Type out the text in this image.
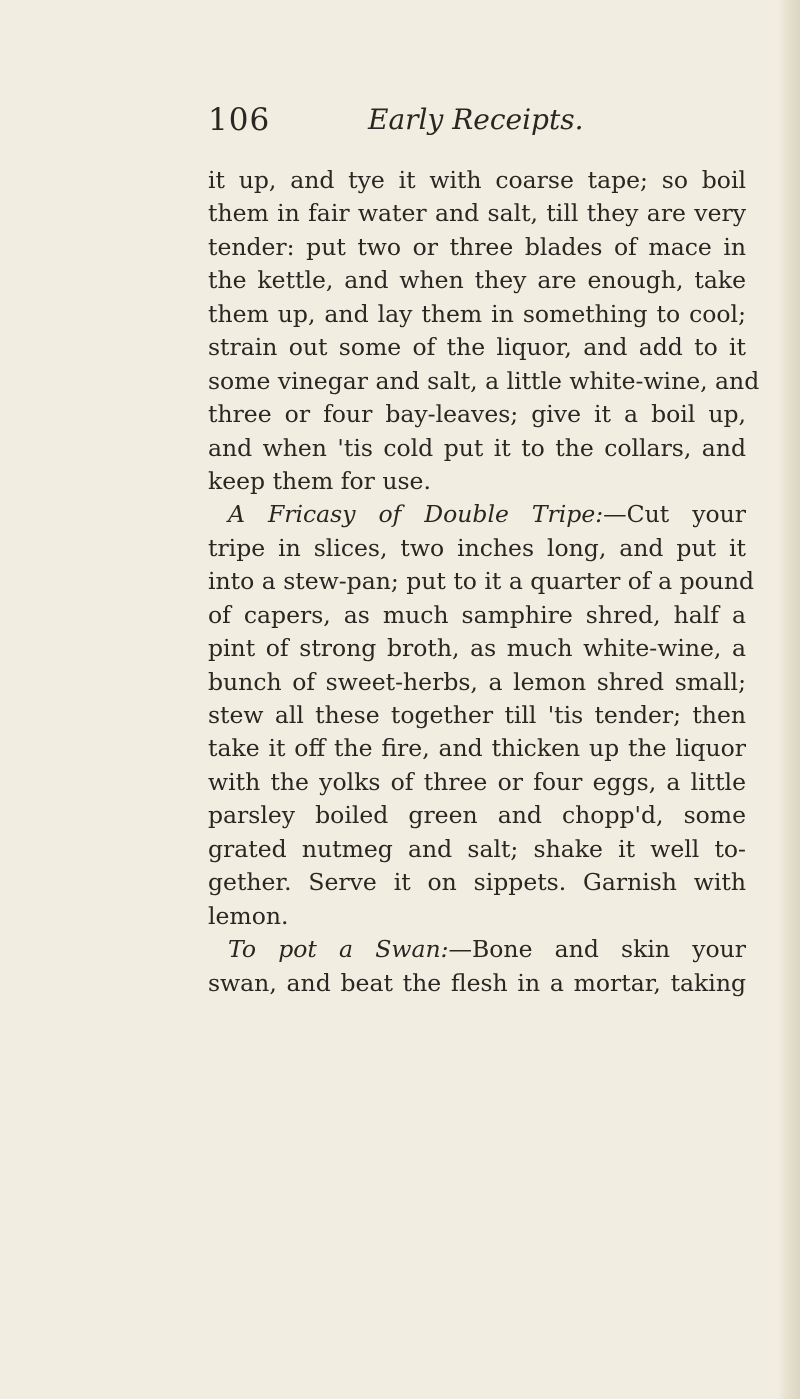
106	Early Receipts.
it up, and tye it with coarse tape; so boil
them in fair water and salt, till they are very
tender: put two or three blades of mace in
the kettle, and when they are enough, take
them up, and lay them in something to cool;
strain out some of the liquor, and add to it
some vinegar and salt, a little white-wine, and
three or four bay-leaves; give it a boil up,
and when 'tis cold put it to the collars, and
keep them for use.
A Fricasy of Double Tripe:—Cut your
tripe in slices, two inches long, and put it
into a stew-pan; put to it a quarter of a pound
of capers, as much samphire shred, half a
pint of strong broth, as much white-wine, a
bunch of sweet-herbs, a lemon shred small;
stew all these together till 'tis tender; then
take it off the fire, and thicken up the liquor
with the yolks of three or four eggs, a little
parsley boiled green and chopp'd, some
grated nutmeg and salt; shake it well to-
gether. Serve it on sippets. Garnish with
lemon.
To pot a Swan:—Bone and skin your
swan, and beat the flesh in a mortar, taking
